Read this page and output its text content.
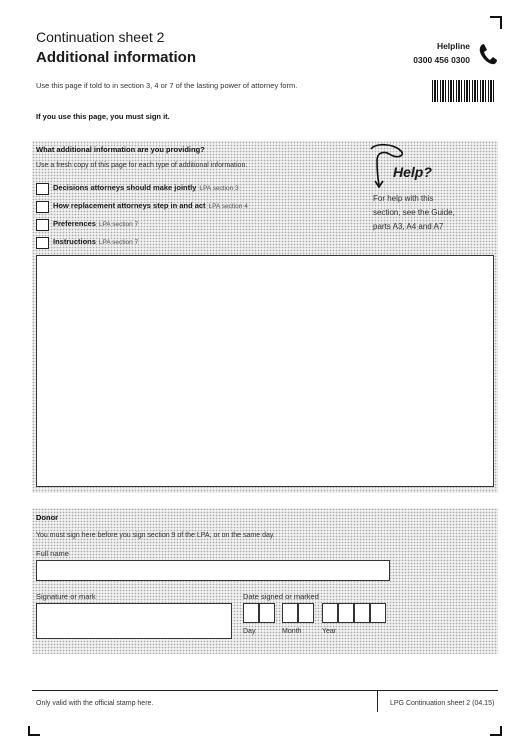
Continuation sheet 2
Additional information
Helpline
0300 456 0300
Use this page if told to in section 3, 4 or 7 of the lasting power of attorney form.
If you use this page, you must sign it.
What additional information are you providing?
Use a fresh copy of this page for each type of additional information.
Decisions attorneys should make jointly LPA section 3
How replacement attorneys step in and act LPA section 4
Preferences LPA section 7
Instructions LPA section 7
Help?
For help with this section, see the Guide, parts A3, A4 and A7
Donor
You must sign here before you sign section 9 of the LPA, or on the same day.
Full name
Signature or mark	Date signed or marked
Day	Month	Year
Only valid with the official stamp here.	LPG Continuation sheet 2 (04.15)
